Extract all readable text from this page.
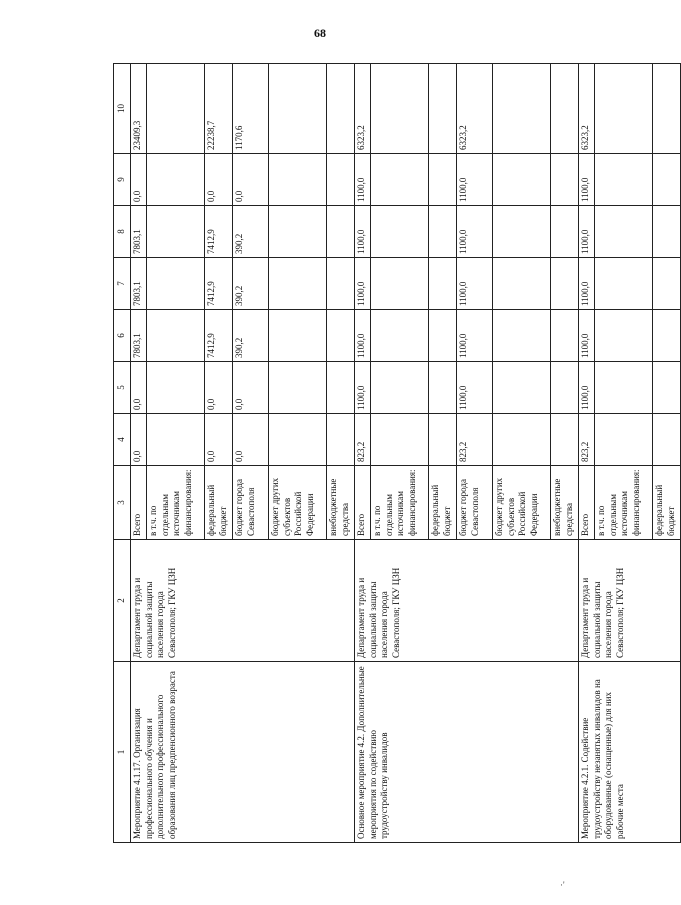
68
1	2	3	4	5	6	7	8	9	10
Мероприятие 4.1.17. Организация профессионального обучения и дополнительного профессионального образования лиц предпенсионного возраста	Департамент труда и социальной защиты населения города Севастополя; ГКУ ЦЗН	Всего	0,0	0,0	7803,1	7803,1	7803,1	0,0	23409,3
		в т.ч. по отдельным источникам финансирования:							
		федеральный бюджет	0,0	0,0	7412,9	7412,9	7412,9	0,0	22238,7
		бюджет города Севастополя	0,0	0,0	390,2	390,2	390,2	0,0	1170,6
		бюджет других субъектов Российской Федерации							
		внебюджетные средства							
Основное мероприятие 4.2. Дополнительные мероприятия по содействию трудоустройству инвалидов	Департамент труда и социальной защиты населения города Севастополя; ГКУ ЦЗН	Всего	823,2	1100,0	1100,0	1100,0	1100,0	1100,0	6323,2
		в т.ч. по отдельным источникам финансирования:							
		федеральный бюджет							
		бюджет города Севастополя	823,2	1100,0	1100,0	1100,0	1100,0	1100,0	6323,2
		бюджет других субъектов Российской Федерации							
		внебюджетные средства							
Мероприятие 4.2.1. Содействие трудоустройству незанятых инвалидов на оборудованные (оснащенные) для них рабочие места	Департамент труда и социальной защиты населения города Севастополя; ГКУ ЦЗН	Всего	823,2	1100,0	1100,0	1100,0	1100,0	1100,0	6323,2
		в т.ч. по отдельным источникам финансирования:							
		федеральный бюджет							
·'
